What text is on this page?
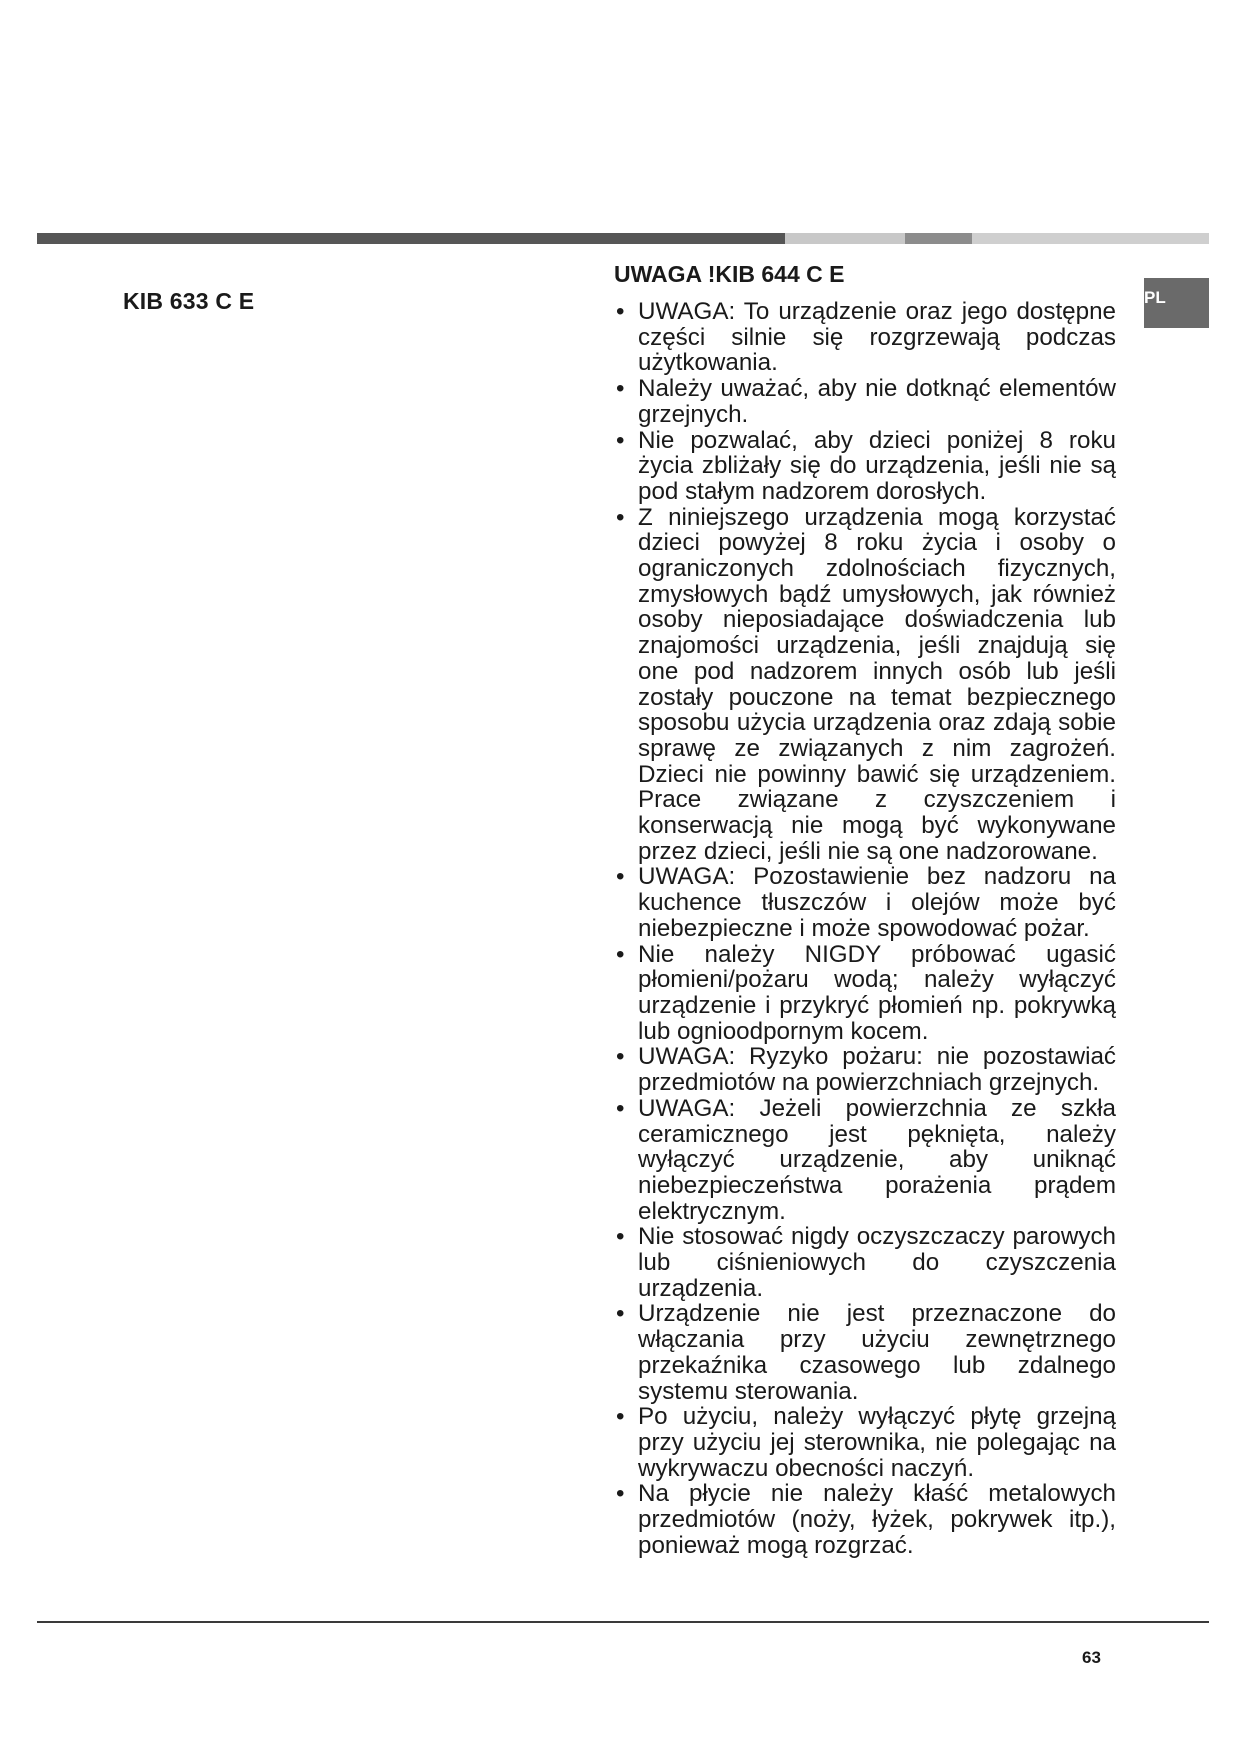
KIB 633 C E
UWAGA !KIB 644 C E
PL
• UWAGA: To urządzenie oraz jego dostępne części silnie się rozgrzewają podczas użytkowania.
• Należy uważać, aby nie dotknąć elementów grzejnych.
• Nie pozwalać, aby dzieci poniżej 8 roku życia zbliżały się do urządzenia, jeśli nie są pod stałym nadzorem dorosłych.
• Z niniejszego urządzenia mogą korzystać dzieci powyżej 8 roku życia i osoby o ograniczonych zdolnościach fizycznych, zmysłowych bądź umysłowych, jak również osoby nieposiadające doświadczenia lub znajomości urządzenia, jeśli znajdują się one pod nadzorem innych osób lub jeśli zostały pouczone na temat bezpiecznego sposobu użycia urządzenia oraz zdają sobie sprawę ze związanych z nim zagrożeń. Dzieci nie powinny bawić się urządzeniem. Prace związane z czyszczeniem i konserwacją nie mogą być wykonywane przez dzieci, jeśli nie są one nadzorowane.
• UWAGA: Pozostawienie bez nadzoru na kuchence tłuszczów i olejów może być niebezpieczne i może spowodować pożar.
• Nie należy NIGDY próbować ugasić płomieni/pożaru wodą; należy wyłączyć urządzenie i przykryć płomień np. pokrywką lub ognioodpornym kocem.
• UWAGA: Ryzyko pożaru: nie pozostawiać przedmiotów na powierzchniach grzejnych.
• UWAGA: Jeżeli powierzchnia ze szkła ceramicznego jest pęknięta, należy wyłączyć urządzenie, aby uniknąć niebezpieczeństwa porażenia prądem elektrycznym.
• Nie stosować nigdy oczyszczaczy parowych lub ciśnieniowych do czyszczenia urządzenia.
• Urządzenie nie jest przeznaczone do włączania przy użyciu zewnętrznego przekaźnika czasowego lub zdalnego systemu sterowania.
• Po użyciu, należy wyłączyć płytę grzejną przy użyciu jej sterownika, nie polegając na wykrywaczu obecności naczyń.
• Na płycie nie należy kłaść metalowych przedmiotów (noży, łyżek, pokrywek itp.), ponieważ mogą rozgrzać.
63
